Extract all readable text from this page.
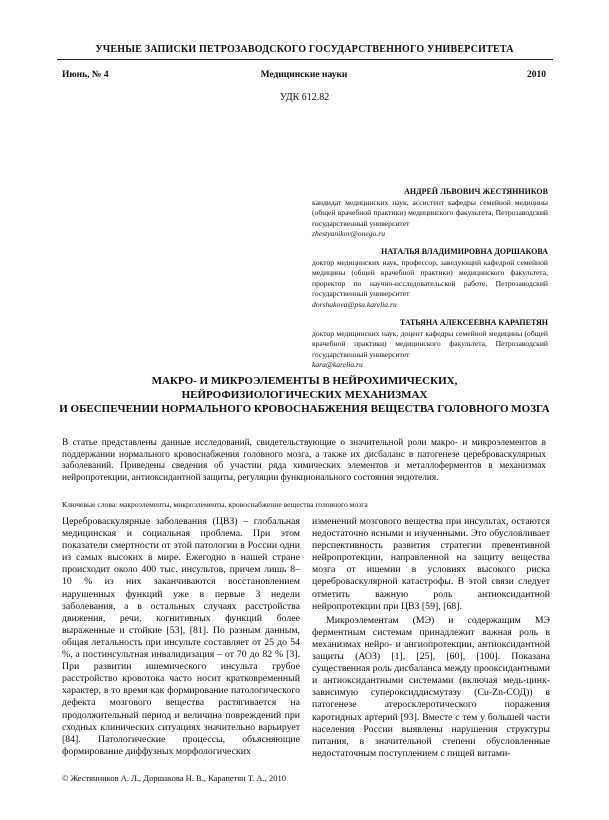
УЧЕНЫЕ ЗАПИСКИ ПЕТРОЗАВОДСКОГО ГОСУДАРСТВЕННОГО УНИВЕРСИТЕТА
Июнь, № 4	Медицинские науки	2010
УДК 612.82
АНДРЕЙ ЛЬВОВИЧ ЖЕСТЯННИКОВ
кандидат медицинских наук, ассистент кафедры семейной медицины (общей врачебной практики) медицинского факультета, Петрозаводский государственный университет
zhestyanikov@onego.ru
НАТАЛЬЯ ВЛАДИМИРОВНА ДОРШАКОВА
доктор медицинских наук, профессор, заведующий кафедрой семейной медицины (общей врачебной практики) медицинского факультета, проректор по научно-исследовательской работе, Петрозаводский государственный университет
dorshakova@psu.karelia.ru
ТАТЬЯНА АЛЕКСЕЕВНА КАРАПЕТЯН
доктор медицинских наук, доцент кафедры семейной медицины (общей врачебной практики) медицинского факультета, Петрозаводский государственный университет
kara@karelia.ru
МАКРО- И МИКРОЭЛЕМЕНТЫ В НЕЙРОХИМИЧЕСКИХ,
НЕЙРОФИЗИОЛОГИЧЕСКИХ МЕХАНИЗМАХ
И ОБЕСПЕЧЕНИИ НОРМАЛЬНОГО КРОВОСНАБЖЕНИЯ ВЕЩЕСТВА ГОЛОВНОГО МОЗГА
В статье представлены данные исследований, свидетельствующие о значительной роли макро- и микроэлементов в поддержании нормального кровоснабжения головного мозга, а также их дисбаланс в патогенезе цереброваскулярных заболеваний. Приведены сведения об участии ряда химических элементов и металлоферментов в механизмах нейропротекции, антиоксидантной защиты, регуляции функционального состояния эндотелия.
Ключевые слова: макроэлементы, микроэлементы, кровоснабжение вещества головного мозга

Цереброваскулярные заболевания (ЦВЗ) – глобальная медицинская и социальная проблема. При этом показатели смертности от этой патологии в России одни из самых высоких в мире. Ежегодно в нашей стране происходит около 400 тыс. инсультов, причем лишь 8–10 % из них заканчиваются восстановлением нарушенных функций уже в первые 3 недели заболевания, а в остальных случаях расстройства движения, речи, когнитивных функций более выраженные и стойкие [53], [81]. По разным данным, общая летальность при инсульте составляет от 25 до 54 %, а постинсультная инвалидизация – от 70 до 82 % [3]. При развитии ишемического инсульта грубое расстройство кровотока часто носит кратковременный характер, в то время как формирование патологического дефекта мозгового вещества растягивается на продолжительный период и величина повреждений при сходных клинических ситуациях значительно варьирует [84]. Патологические процессы, объясняющие формирование диффузных морфологических

изменений мозгового вещества при инсультах, остаются недостаточно ясными и изученными. Это обусловливает перспективность развития стратегии превентивной нейропротекции, направленной на защиту вещества мозга от ишемии в условиях высокого риска цереброваскулярной катастрофы. В этой связи следует отметить важную роль антиоксидантной нейропротекции при ЦВЗ [59], [68].

Микроэлементам (МЭ) и содержащим МЭ ферментным системам принадлежит важная роль в механизмах нейро- и ангиопротекции, антиоксидантной защиты (АОЗ) [1], [25], [60], [100]. Показана существенная роль дисбаланса между прооксидантными и антиоксидантными системами (включая медь-цинк-зависимую супероксиддисмутазу (Cu-Zn-СОД)) в патогенезе атеросклеротического поражения каротидных артерий [93]. Вместе с тем у большей части населения России выявлены нарушения структуры питания, в значительной степени обусловленные недостаточным поступлением с пищей витами-

© Жестянников А. Л., Доршакова Н. В., Карапетян Т. А., 2010
